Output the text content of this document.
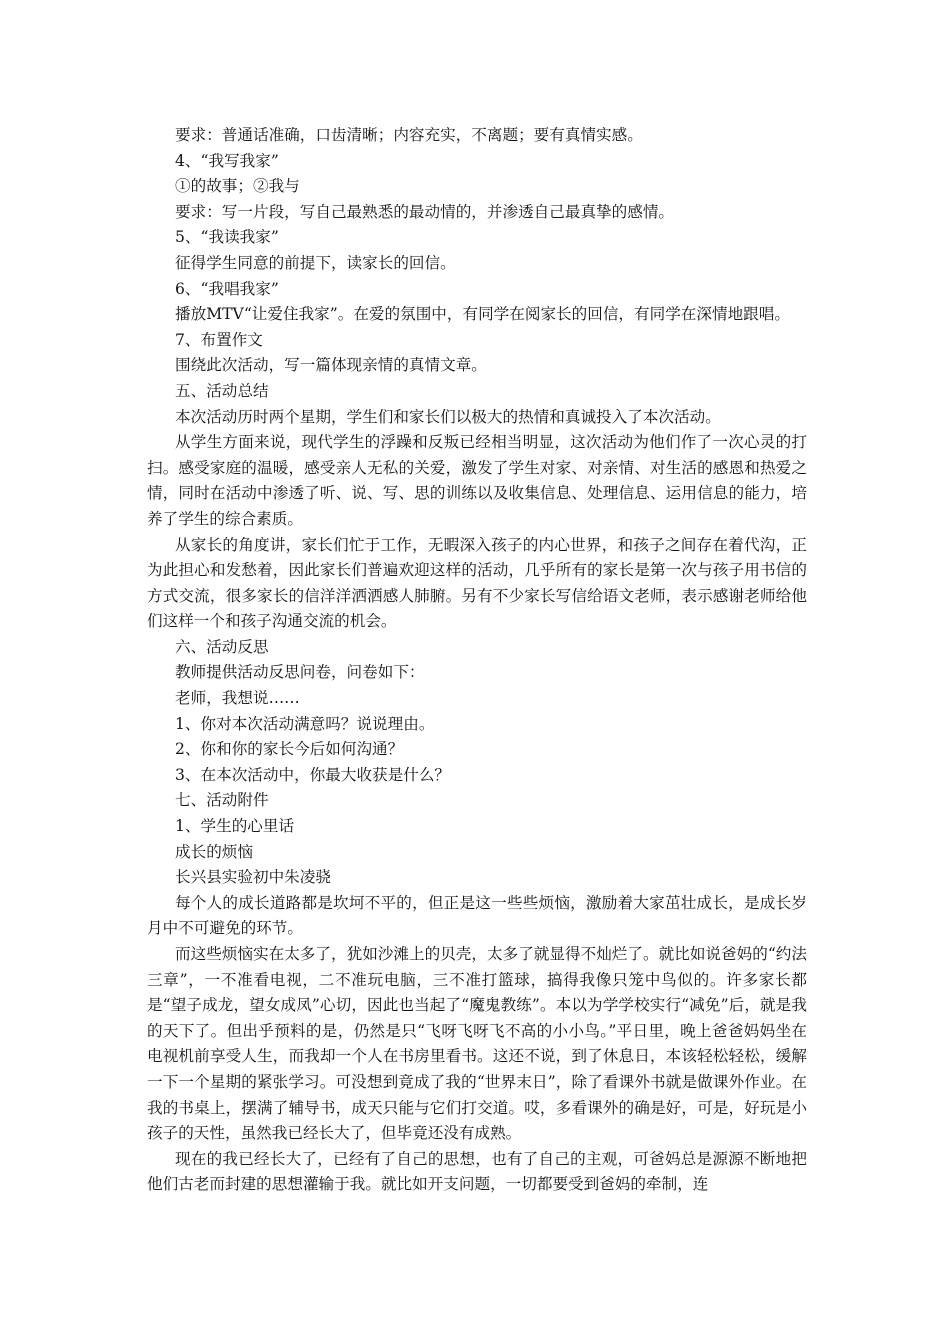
要求：普通话准确，口齿清晰；内容充实，不离题；要有真情实感。

4、“我写我家”

①的故事；②我与

要求：写一片段，写自己最熟悉的最动情的，并渗透自己最真挚的感情。

5、“我读我家”

征得学生同意的前提下，读家长的回信。

6、“我唱我家”

播放MTV“让爱住我家”。在爱的氛围中，有同学在阅家长的回信，有同学在深情地跟唱。

7、布置作文

围绕此次活动，写一篇体现亲情的真情文章。

五、活动总结

本次活动历时两个星期，学生们和家长们以极大的热情和真诚投入了本次活动。

从学生方面来说，现代学生的浮躁和反叛已经相当明显，这次活动为他们作了一次心灵的打扫。感受家庭的温暖，感受亲人无私的关爱，激发了学生对家、对亲情、对生活的感恩和热爱之情，同时在活动中渗透了听、说、写、思的训练以及收集信息、处理信息、运用信息的能力，培养了学生的综合素质。

从家长的角度讲，家长们忙于工作，无暇深入孩子的内心世界，和孩子之间存在着代沟，正为此担心和发愁着，因此家长们普遍欢迎这样的活动，几乎所有的家长是第一次与孩子用书信的方式交流，很多家长的信洋洋洒洒感人肺腑。另有不少家长写信给语文老师，表示感谢老师给他们这样一个和孩子沟通交流的机会。

六、活动反思

教师提供活动反思问卷，问卷如下：

老师，我想说……

1、你对本次活动满意吗？说说理由。

2、你和你的家长今后如何沟通？

3、在本次活动中，你最大收获是什么？

七、活动附件

1、学生的心里话

成长的烦恼

长兴县实验初中朱凌骁

每个人的成长道路都是坎坷不平的，但正是这一些些烦恼，激励着大家茁壮成长，是成长岁月中不可避免的环节。

而这些烦恼实在太多了，犹如沙滩上的贝壳，太多了就显得不灿烂了。就比如说爸妈的“约法三章”，一不准看电视，二不准玩电脑，三不准打篮球，搞得我像只笼中鸟似的。许多家长都是“望子成龙，望女成凤”心切，因此也当起了“魔鬼教练”。本以为学学校实行“减免”后，就是我的天下了。但出乎预料的是，仍然是只“飞呀飞呀飞不高的小小鸟。”平日里，晚上爸爸妈妈坐在电视机前享受人生，而我却一个人在书房里看书。这还不说，到了休息日，本该轻松轻松，缓解一下一个星期的紧张学习。可没想到竟成了我的“世界末日”，除了看课外书就是做课外作业。在我的书桌上，摆满了辅导书，成天只能与它们打交道。哎，多看课外的确是好，可是，好玩是小孩子的天性，虽然我已经长大了，但毕竟还没有成熟。

现在的我已经长大了，已经有了自己的思想，也有了自己的主观，可爸妈总是源源不断地把他们古老而封建的思想灌输于我。就比如开支问题，一切都要受到爸妈的牵制，连
